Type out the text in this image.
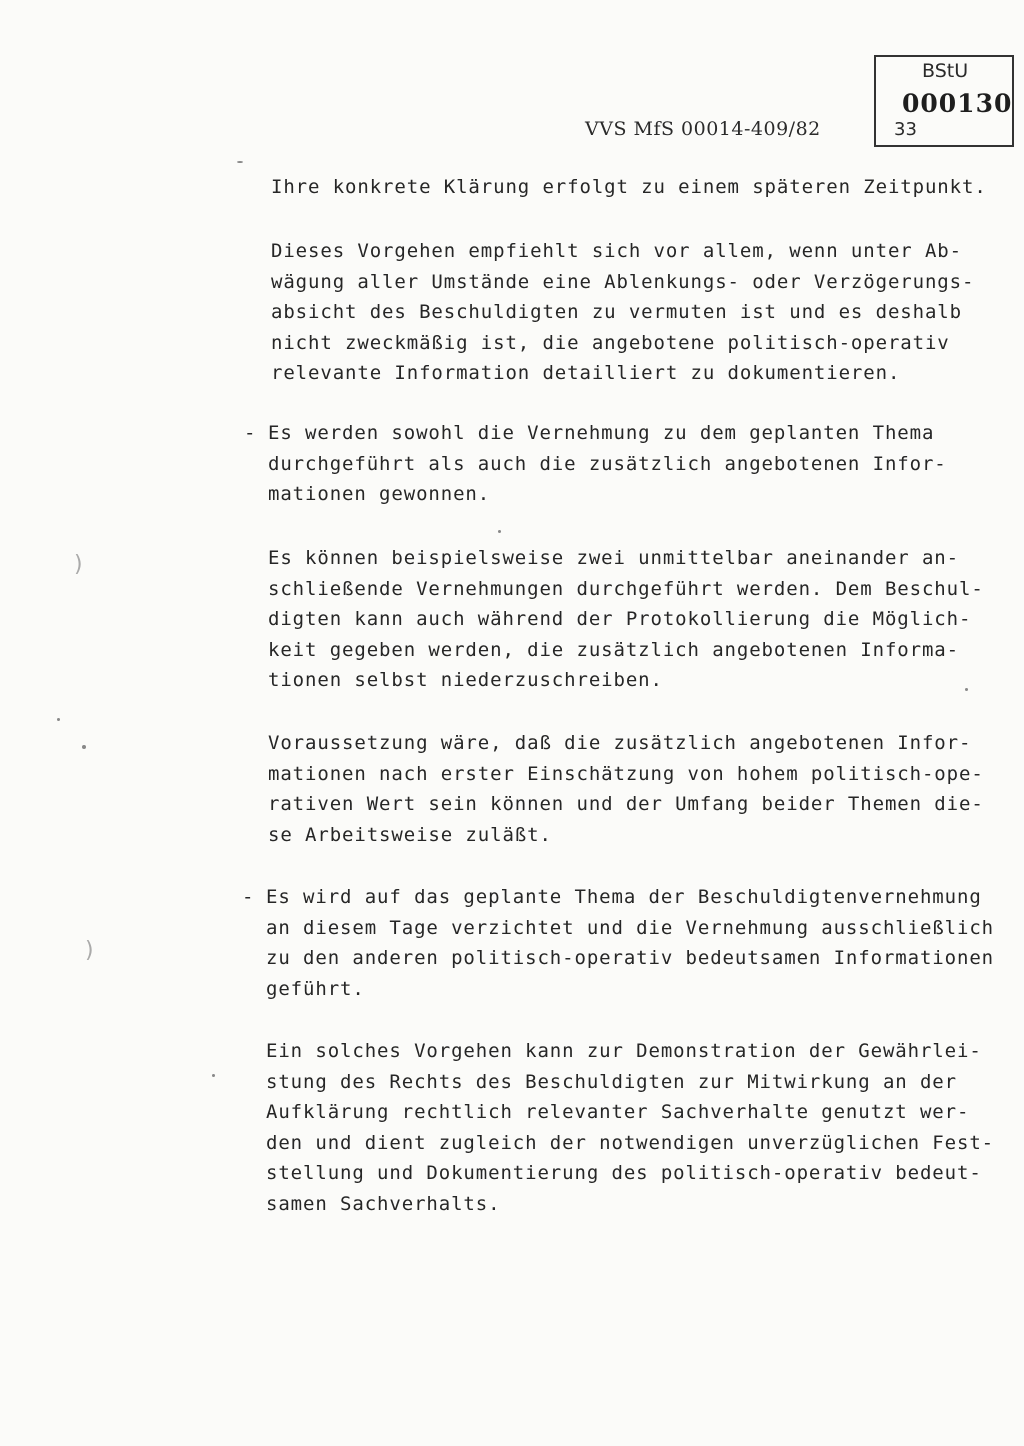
VVS MfS 00014-409/82
BStU
000130
33
Ihre konkrete Klärung erfolgt zu einem späteren Zeitpunkt.
Dieses Vorgehen empfiehlt sich vor allem, wenn unter Ab-
wägung aller Umstände eine Ablenkungs- oder Verzögerungs-
absicht des Beschuldigten zu vermuten ist und es deshalb
nicht zweckmäßig ist, die angebotene politisch-operativ
relevante Information detailliert zu dokumentieren.
- Es werden sowohl die Vernehmung zu dem geplanten Thema
durchgeführt als auch die zusätzlich angebotenen Infor-
mationen gewonnen.
Es können beispielsweise zwei unmittelbar aneinander an-
schließende Vernehmungen durchgeführt werden. Dem Beschul-
digten kann auch während der Protokollierung die Möglich-
keit gegeben werden, die zusätzlich angebotenen Informa-
tionen selbst niederzuschreiben.
Voraussetzung wäre, daß die zusätzlich angebotenen Infor-
mationen nach erster Einschätzung von hohem politisch-ope-
rativen Wert sein können und der Umfang beider Themen die-
se Arbeitsweise zuläßt.
- Es wird auf das geplante Thema der Beschuldigtenvernehmung
an diesem Tage verzichtet und die Vernehmung ausschließlich
zu den anderen politisch-operativ bedeutsamen Informationen
geführt.
Ein solches Vorgehen kann zur Demonstration der Gewährlei-
stung des Rechts des Beschuldigten zur Mitwirkung an der
Aufklärung rechtlich relevanter Sachverhalte genutzt wer-
den und dient zugleich der notwendigen unverzüglichen Fest-
stellung und Dokumentierung des politisch-operativ bedeut-
samen Sachverhalts.
)
)
